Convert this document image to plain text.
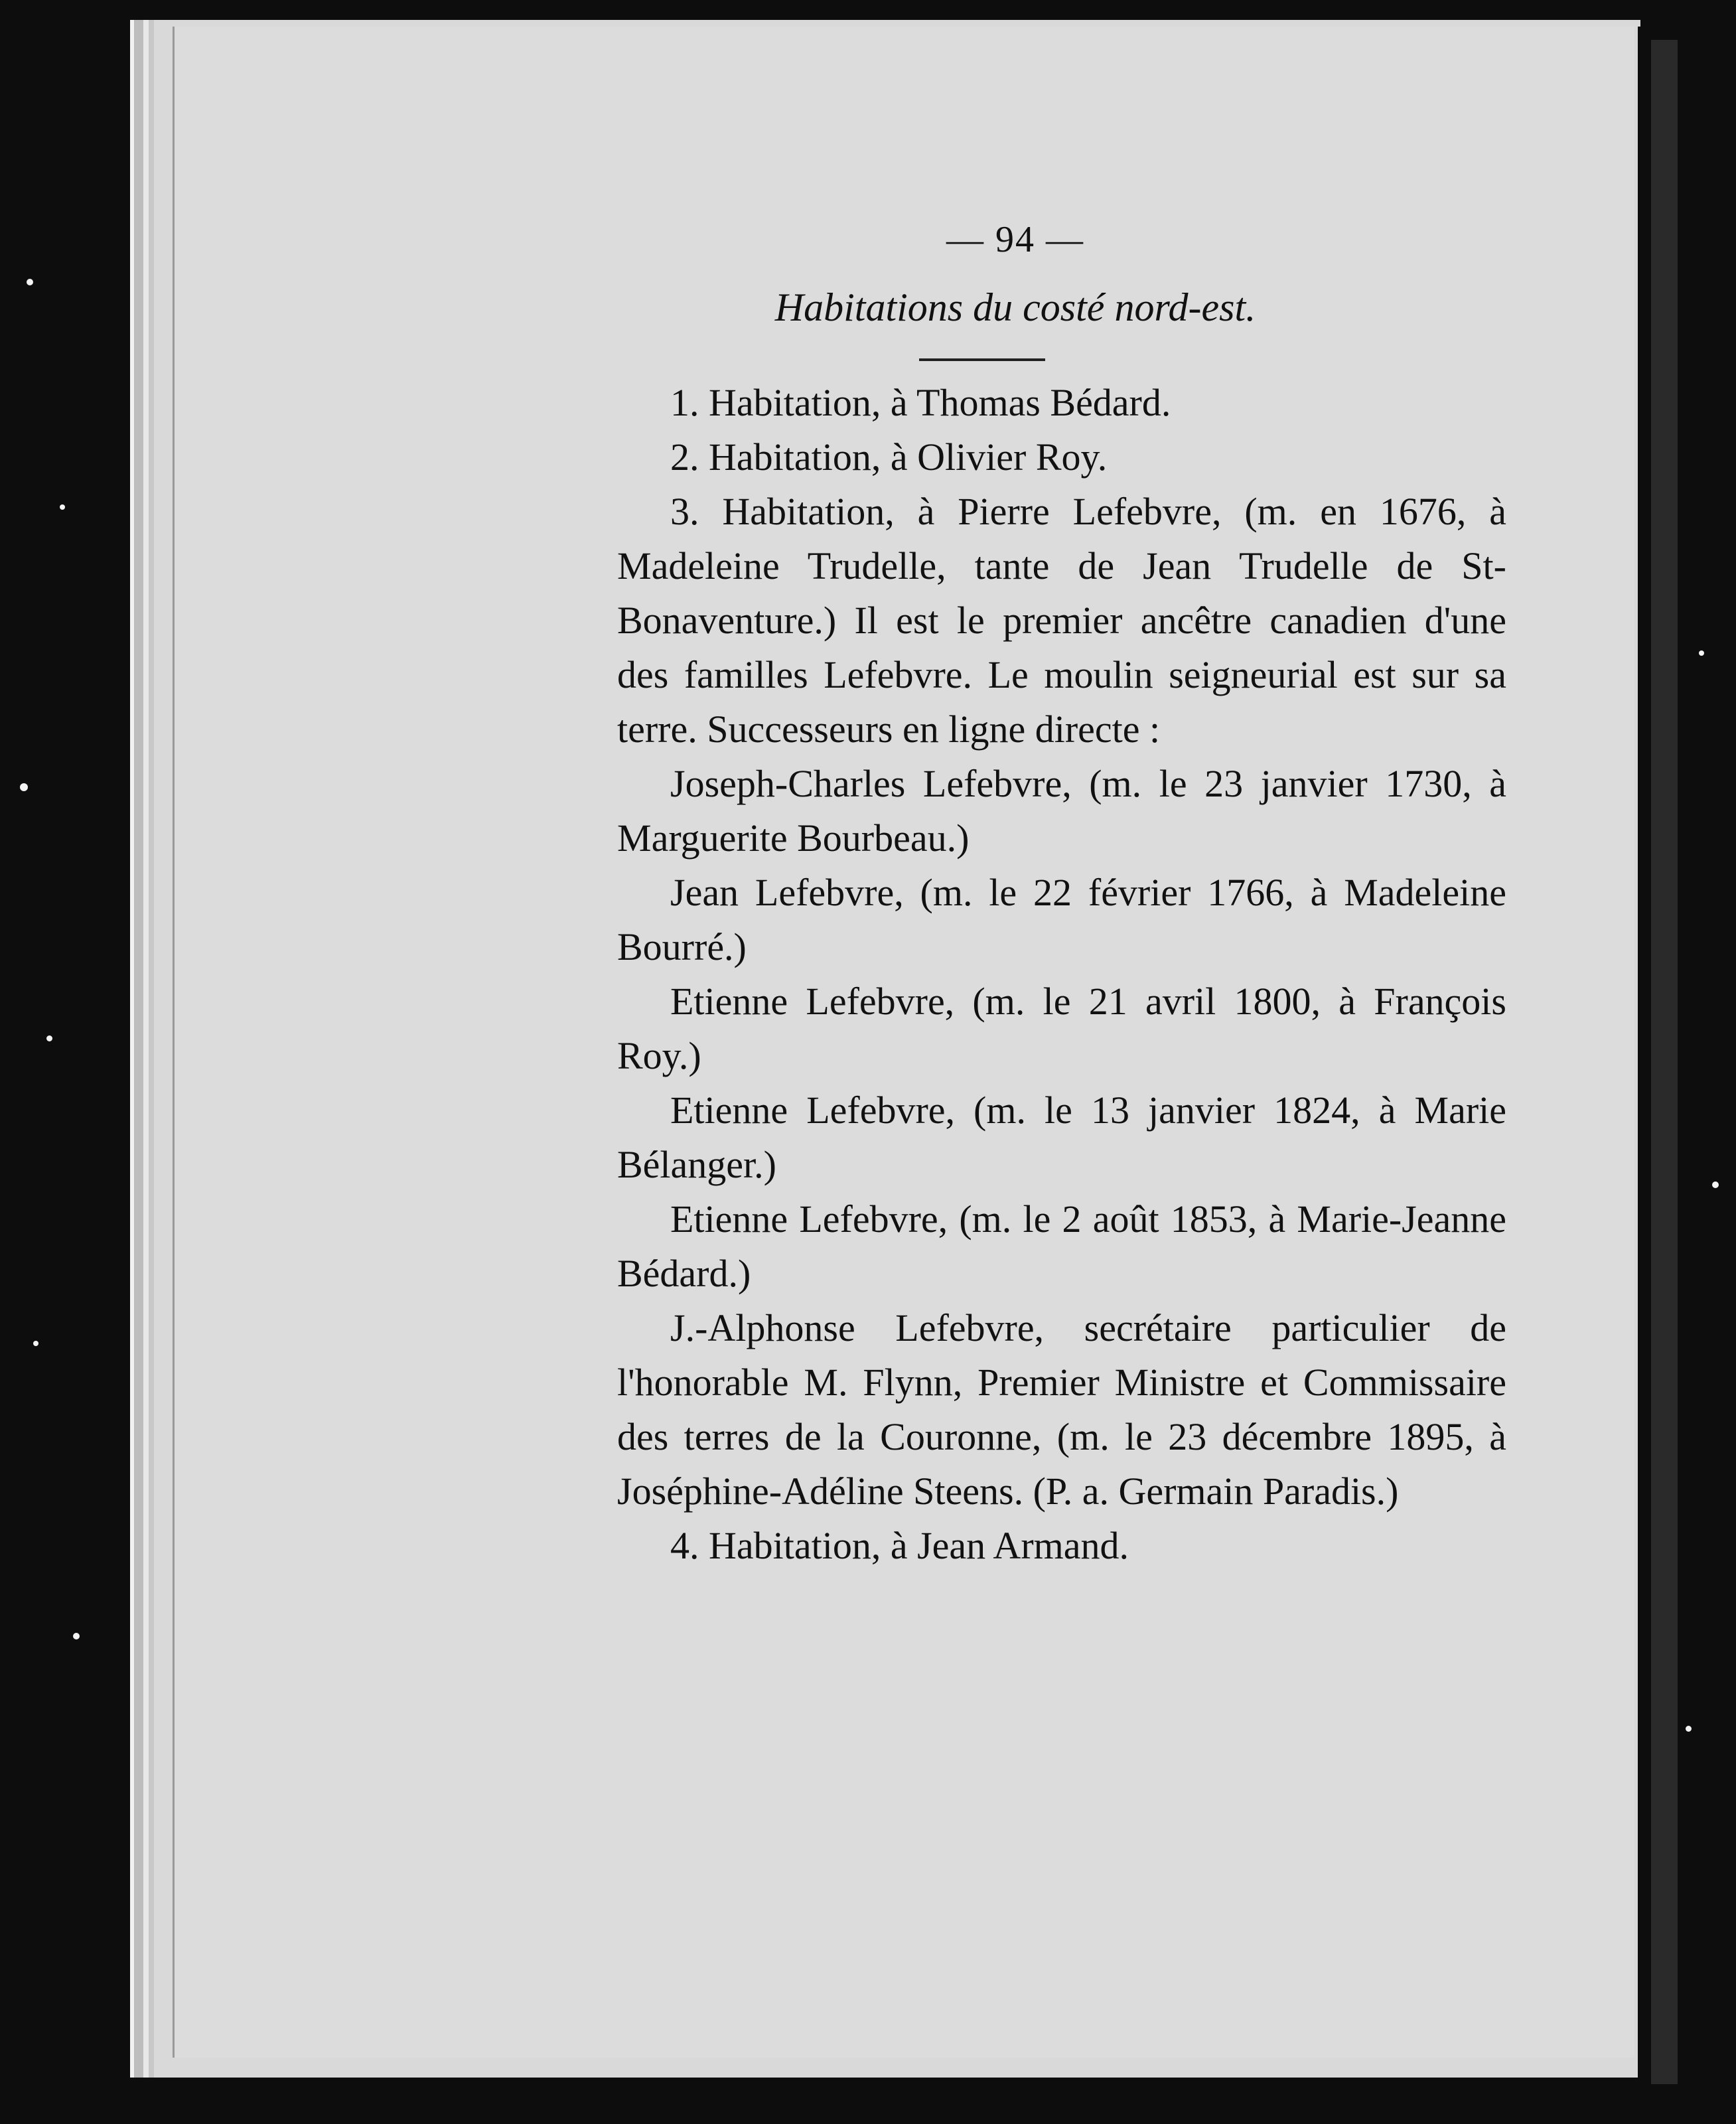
— 94 —
Habitations du costé nord-est.

1. Habitation, à Thomas Bédard.

2. Habitation, à Olivier Roy.

3. Habitation, à Pierre Lefebvre, (m. en 1676, à Madeleine Trudelle, tante de Jean Trudelle de St-Bonaventure.) Il est le premier ancêtre canadien d'une des familles Lefebvre. Le moulin seigneurial est sur sa terre. Successeurs en ligne directe :

Joseph-Charles Lefebvre, (m. le 23 janvier 1730, à Marguerite Bourbeau.)

Jean Lefebvre, (m. le 22 février 1766, à Madeleine Bourré.)

Etienne Lefebvre, (m. le 21 avril 1800, à François Roy.)

Etienne Lefebvre, (m. le 13 janvier 1824, à Marie Bélanger.)

Etienne Lefebvre, (m. le 2 août 1853, à Marie-Jeanne Bédard.)

J.-Alphonse Lefebvre, secrétaire particulier de l'honorable M. Flynn, Premier Ministre et Commissaire des terres de la Couronne, (m. le 23 décembre 1895, à Joséphine-Adéline Steens. (P. a. Germain Paradis.)

4. Habitation, à Jean Armand.
